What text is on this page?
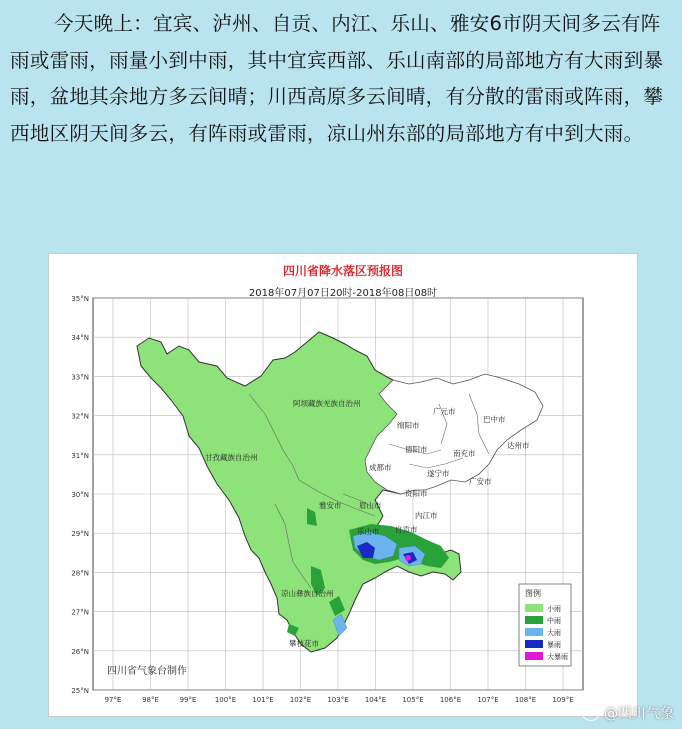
今天晚上：宜宾、泸州、自贡、内江、乐山、雅安6市阴天间多云有阵雨或雷雨，雨量小到中雨，其中宜宾西部、乐山南部的局部地方有大雨到暴雨，盆地其余地方多云间晴；川西高原多云间晴，有分散的雷雨或阵雨，攀西地区阴天间多云，有阵雨或雷雨，凉山州东部的局部地方有中到大雨。
四川省降水落区预报图
2018年07月07日20时-2018年08日08时
35°N
34°N
33°N
32°N
31°N
30°N
29°N
28°N
27°N
26°N
25°N
97°E	98°E	99°E	100°E 101°E 102°E 103°E 104°E 105°E 106°E 107°E 108°E 109°E
阿坝藏族羌族自治州
甘孜藏族自治州
凉山彝族自治州
攀枝花市
雅安市 眉山市
乐山市
成都市
德阳市
绵阳市
广元市
巴中市
达州市
南充市
遂宁市
广安市
资阳市
内江市
自贡市
四川省气象台制作
图例
小雨
中雨
大雨
暴雨
大暴雨
@四川气象
